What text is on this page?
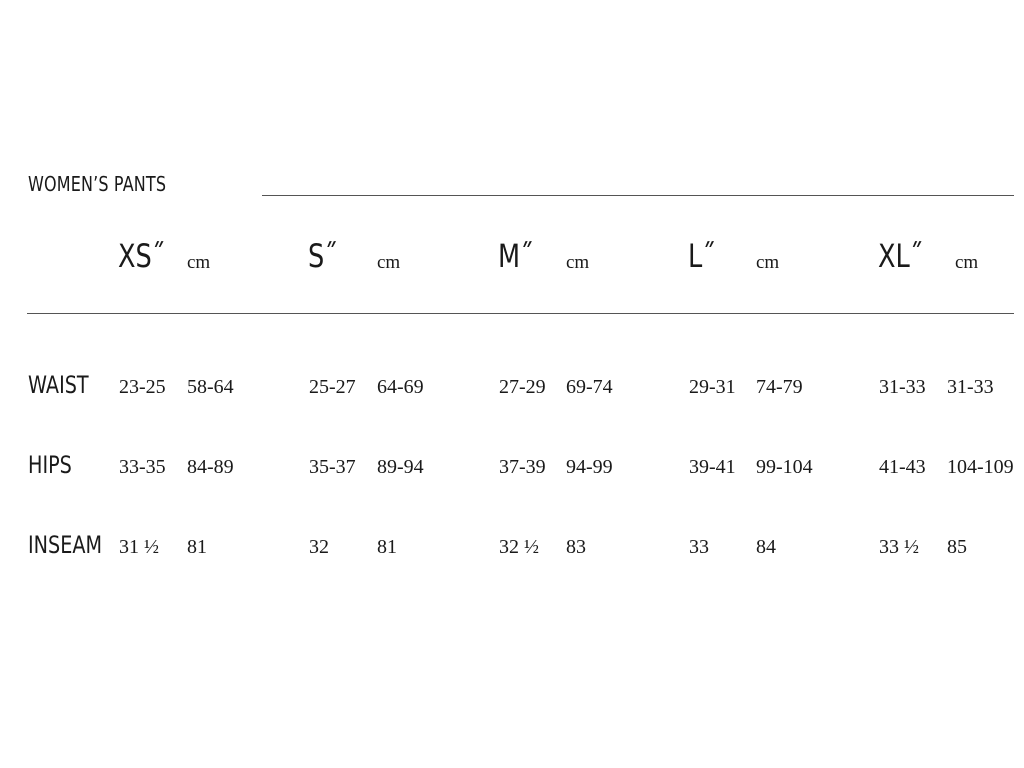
WOMEN’S PANTS
XS˝ cm	S˝ cm	M˝ cm	L˝ cm	XL˝ cm
WAIST 23-25 58-64	25-27 64-69	27-29 69-74	29-31 74-79	31-33 31-33
HIPS 33-35 84-89	35-37 89-94	37-39 94-99	39-41 99-104	41-43 104-109
INSEAM 31 ½ 81	32 81	32 ½ 83	33 84	33 ½ 85
